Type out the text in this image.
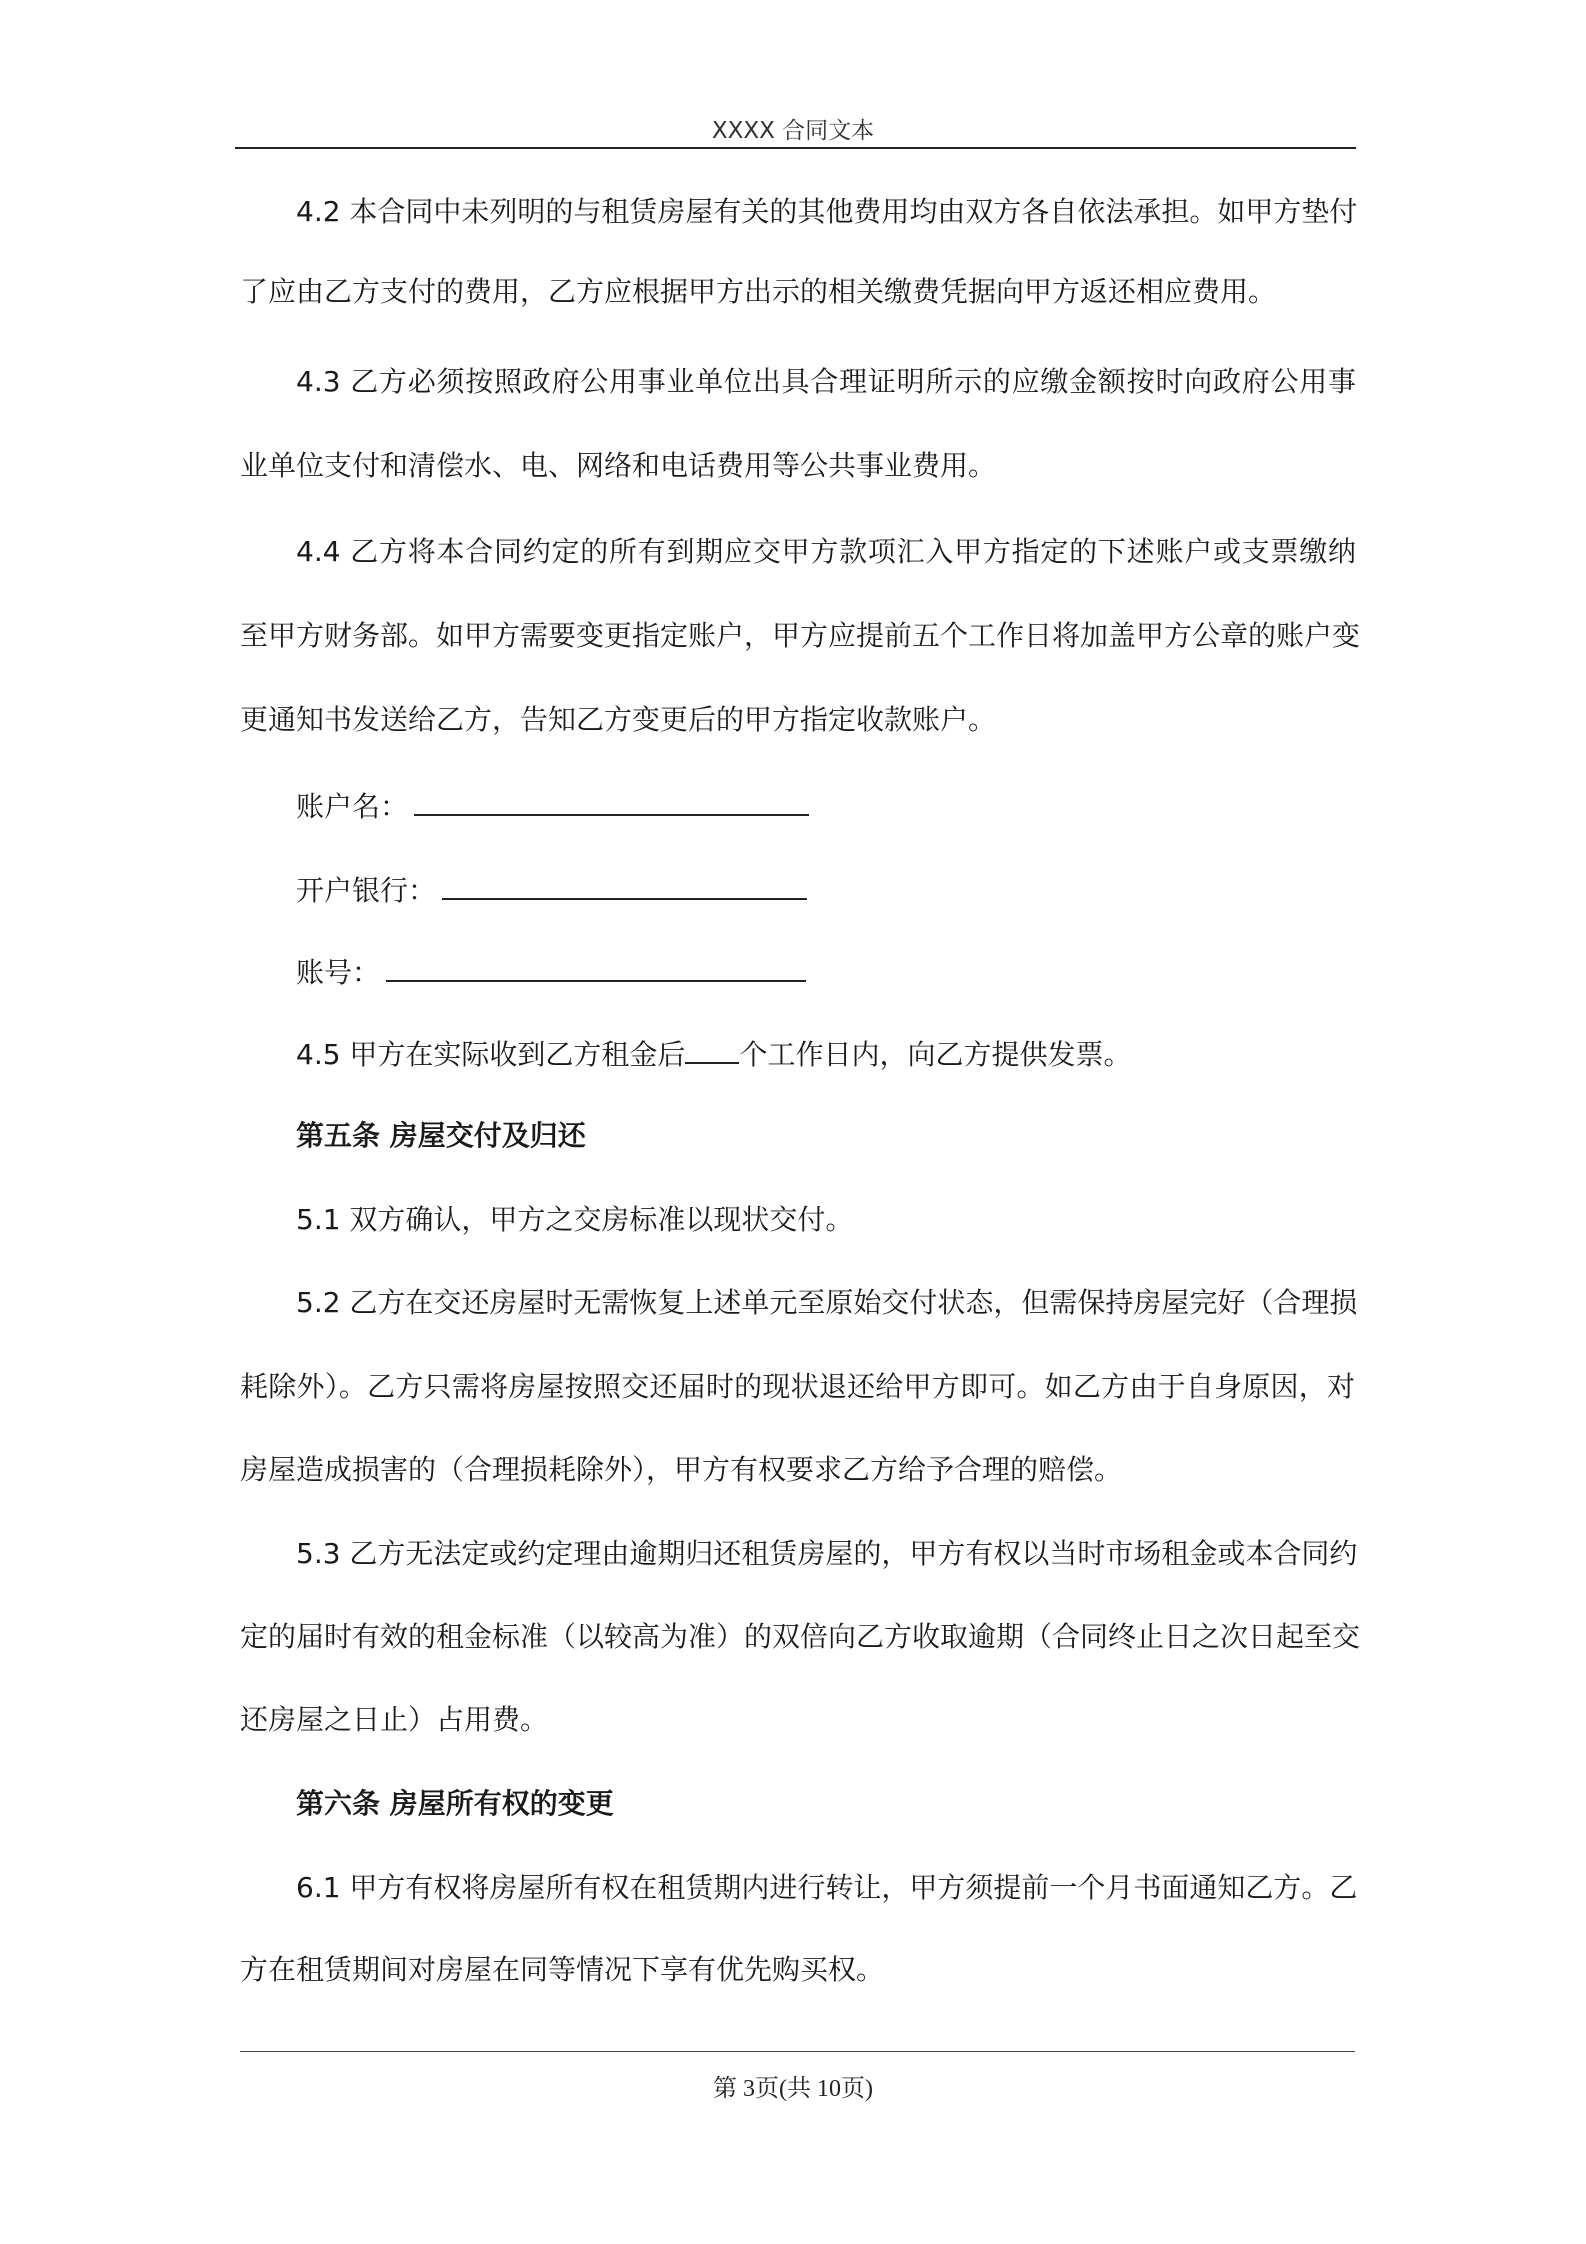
XXXX 合同文本
4.2 本合同中未列明的与租赁房屋有关的其他费用均由双方各自依法承担。如甲方垫付
了应由乙方支付的费用，乙方应根据甲方出示的相关缴费凭据向甲方返还相应费用。
4.3 乙方必须按照政府公用事业单位出具合理证明所示的应缴金额按时向政府公用事
业单位支付和清偿水、电、网络和电话费用等公共事业费用。
4.4 乙方将本合同约定的所有到期应交甲方款项汇入甲方指定的下述账户或支票缴纳
至甲方财务部。如甲方需要变更指定账户，甲方应提前五个工作日将加盖甲方公章的账户变
更通知书发送给乙方，告知乙方变更后的甲方指定收款账户。
账户名：
开户银行：
账号：
4.5 甲方在实际收到乙方租金后 个工作日内，向乙方提供发票。
第五条 房屋交付及归还
5.1 双方确认，甲方之交房标准以现状交付。
5.2 乙方在交还房屋时无需恢复上述单元至原始交付状态，但需保持房屋完好（合理损
耗除外）。乙方只需将房屋按照交还届时的现状退还给甲方即可。如乙方由于自身原因，对
房屋造成损害的（合理损耗除外），甲方有权要求乙方给予合理的赔偿。
5.3 乙方无法定或约定理由逾期归还租赁房屋的，甲方有权以当时市场租金或本合同约
定的届时有效的租金标准（以较高为准）的双倍向乙方收取逾期（合同终止日之次日起至交
还房屋之日止）占用费。
第六条 房屋所有权的变更
6.1 甲方有权将房屋所有权在租赁期内进行转让，甲方须提前一个月书面通知乙方。乙
方在租赁期间对房屋在同等情况下享有优先购买权。
第 3页(共 10页)
